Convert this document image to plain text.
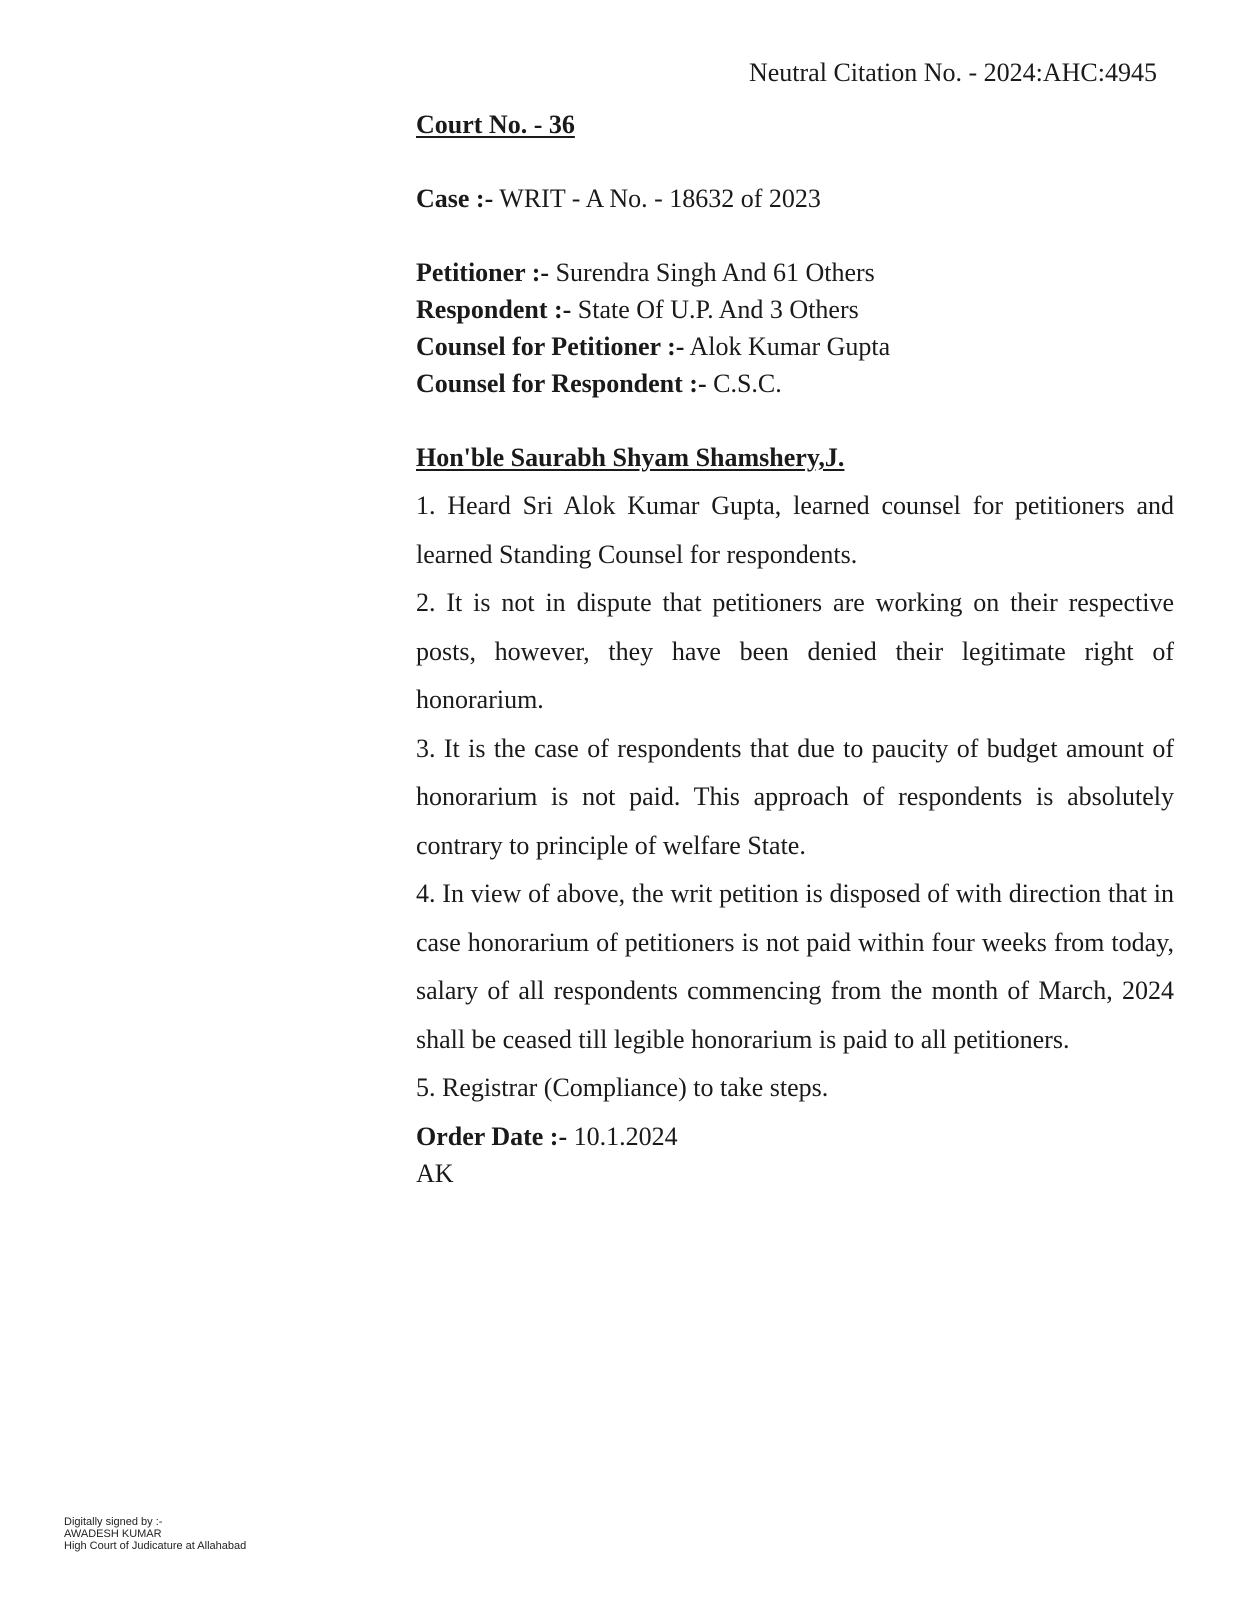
Neutral Citation No. - 2024:AHC:4945
Court No. - 36
Case :- WRIT - A No. - 18632 of 2023
Petitioner :- Surendra Singh And 61 Others
Respondent :- State Of U.P. And 3 Others
Counsel for Petitioner :- Alok Kumar Gupta
Counsel for Respondent :- C.S.C.
Hon'ble Saurabh Shyam Shamshery,J.

1. Heard Sri Alok Kumar Gupta, learned counsel for petitioners and learned Standing Counsel for respondents.

2. It is not in dispute that petitioners are working on their respective posts, however, they have been denied their legitimate right of honorarium.

3. It is the case of respondents that due to paucity of budget amount of honorarium is not paid. This approach of respondents is absolutely contrary to principle of welfare State.

4. In view of above, the writ petition is disposed of with direction that in case honorarium of petitioners is not paid within four weeks from today, salary of all respondents commencing from the month of March, 2024 shall be ceased till legible honorarium is paid to all petitioners.

5. Registrar (Compliance) to take steps.

Order Date :- 10.1.2024
AK
Digitally signed by :-
AWADESH KUMAR
High Court of Judicature at Allahabad
